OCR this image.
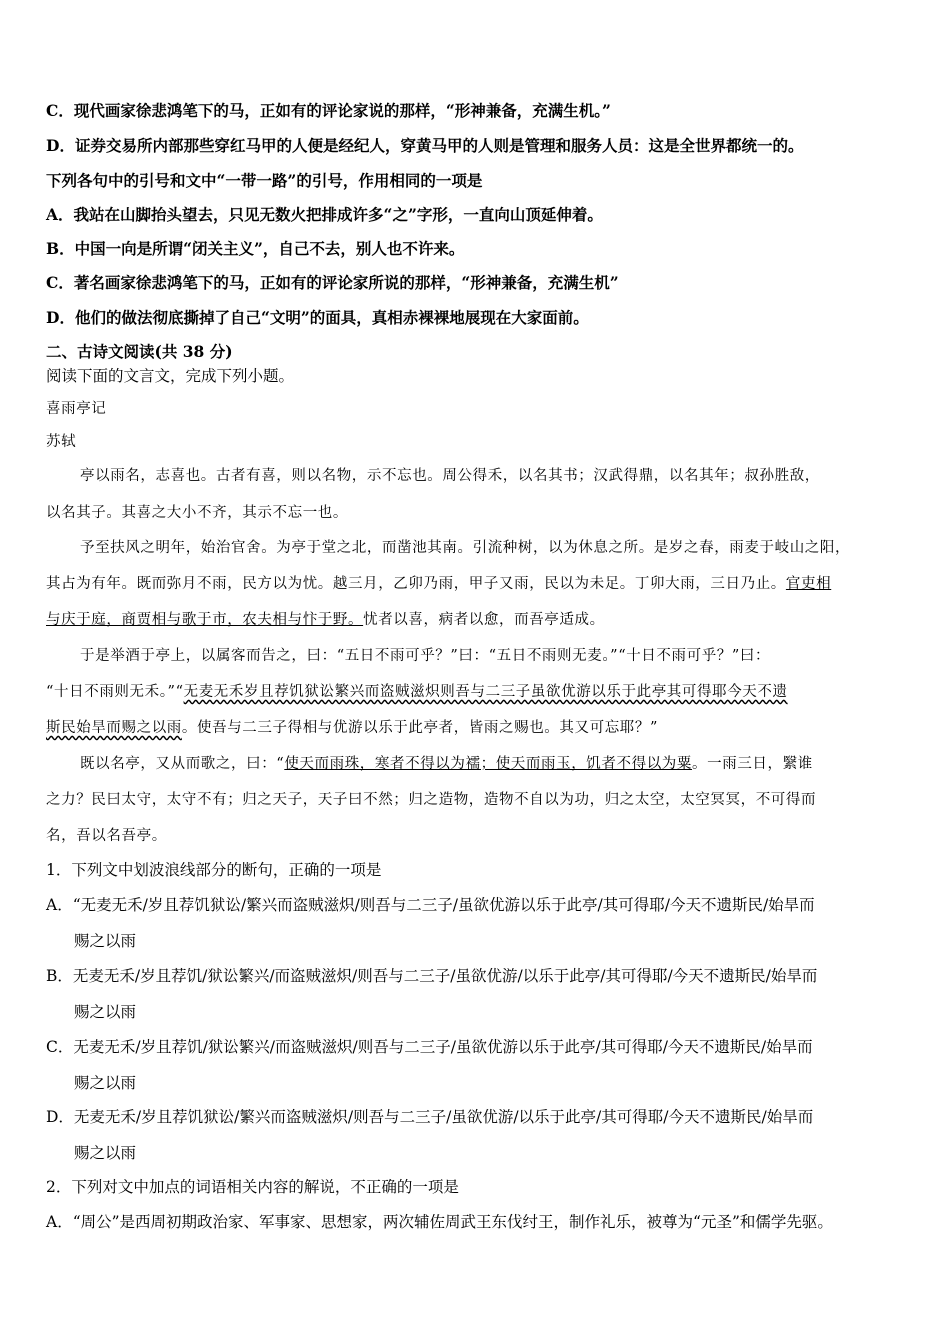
C．现代画家徐悲鸿笔下的马，正如有的评论家说的那样，“形神兼备，充满生机。”
D．证券交易所内部那些穿红马甲的人便是经纪人，穿黄马甲的人则是管理和服务人员：这是全世界都统一的。
下列各句中的引号和文中“一带一路”的引号，作用相同的一项是
A．我站在山脚抬头望去，只见无数火把排成许多“之”字形，一直向山顶延伸着。
B．中国一向是所谓“闭关主义”，自己不去，别人也不许来。
C．著名画家徐悲鸿笔下的马，正如有的评论家所说的那样，“形神兼备，充满生机”
D．他们的做法彻底撕掉了自己“文明”的面具，真相赤裸裸地展现在大家面前。
二、古诗文阅读(共 38 分)
阅读下面的文言文，完成下列小题。
喜雨亭记
苏轼
亭以雨名，志喜也。古者有喜，则以名物，示不忘也。周公得禾，以名其书；汉武得鼎，以名其年；叔孙胜敌，
以名其子。其喜之大小不齐，其示不忘一也。
予至扶风之明年，始治官舍。为亭于堂之北，而凿池其南。引流种树，以为休息之所。是岁之春，雨麦于岐山之阳，
其占为有年。既而弥月不雨，民方以为忧。越三月，乙卯乃雨，甲子又雨，民以为未足。丁卯大雨，三日乃止。官吏相
与庆于庭，商贾相与歌于市，农夫相与忭于野。忧者以喜，病者以愈，而吾亭适成。
于是举酒于亭上，以属客而告之，曰：“五日不雨可乎？”曰：“五日不雨则无麦。”“十日不雨可乎？”曰：
“十日不雨则无禾。”“无麦无禾岁且荐饥狱讼繁兴而盗贼滋炽则吾与二三子虽欲优游以乐于此亭其可得耶今天不遗
斯民始旱而赐之以雨。使吾与二三子得相与优游以乐于此亭者，皆雨之赐也。其又可忘耶？”
既以名亭，又从而歌之，曰：“使天而雨珠，寒者不得以为襦；使天而雨玉，饥者不得以为粟。一雨三日，繄谁
之力？民曰太守，太守不有；归之天子，天子曰不然；归之造物，造物不自以为功，归之太空，太空冥冥，不可得而
名，吾以名吾亭。
1．下列文中划波浪线部分的断句，正确的一项是
A．“无麦无禾/岁且荐饥狱讼/繁兴而盗贼滋炽/则吾与二三子/虽欲优游以乐于此亭/其可得耶/今天不遗斯民/始旱而
赐之以雨
B．无麦无禾/岁且荐饥/狱讼繁兴/而盗贼滋炽/则吾与二三子/虽欲优游/以乐于此亭/其可得耶/今天不遗斯民/始旱而
赐之以雨
C．无麦无禾/岁且荐饥/狱讼繁兴/而盗贼滋炽/则吾与二三子/虽欲优游以乐于此亭/其可得耶/今天不遗斯民/始旱而
赐之以雨
D．无麦无禾/岁且荐饥狱讼/繁兴而盗贼滋炽/则吾与二三子/虽欲优游/以乐于此亭/其可得耶/今天不遗斯民/始旱而
赐之以雨
2．下列对文中加点的词语相关内容的解说，不正确的一项是
A．“周公”是西周初期政治家、军事家、思想家，两次辅佐周武王东伐纣王，制作礼乐，被尊为“元圣”和儒学先驱。
